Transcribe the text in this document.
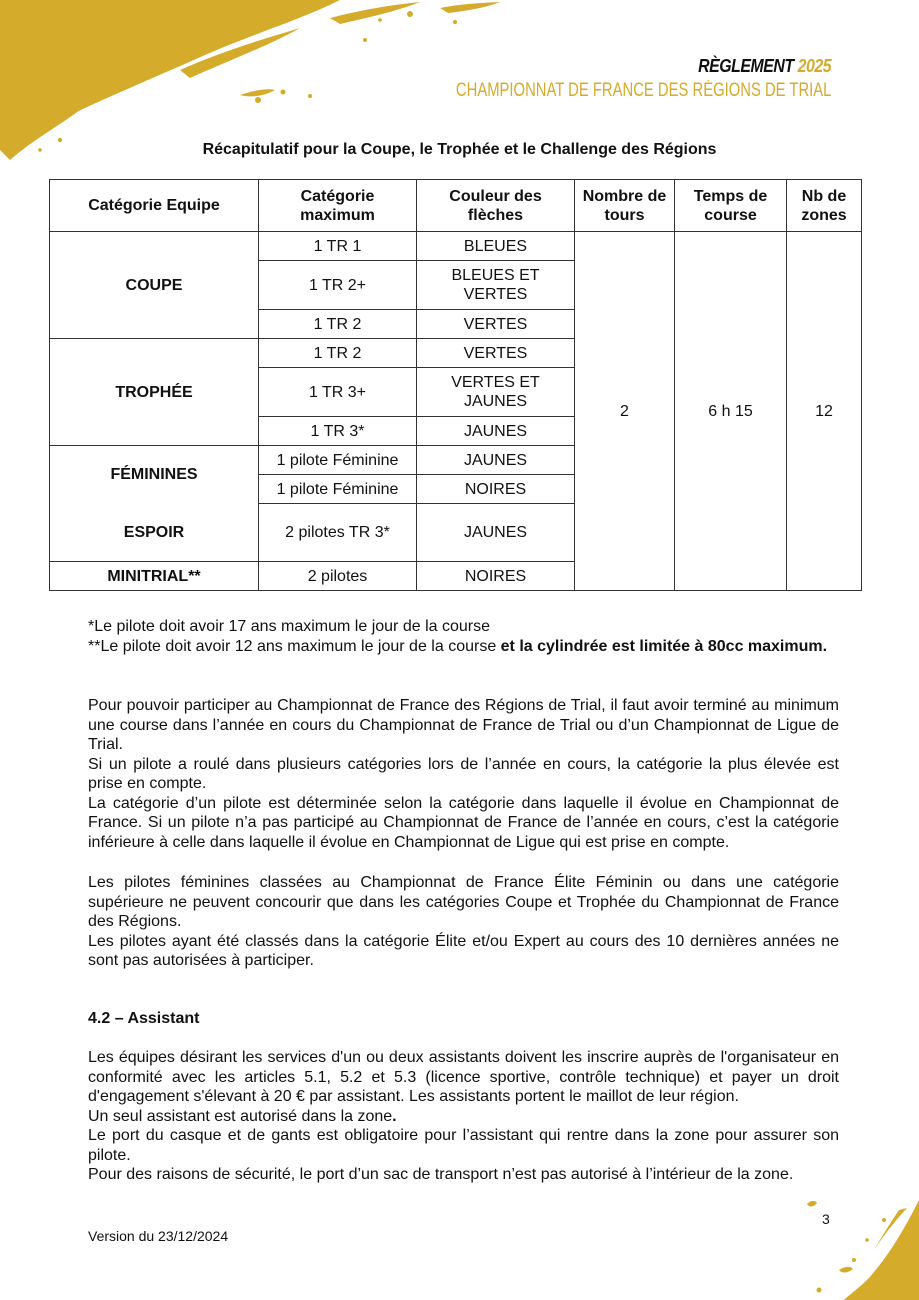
RÈGLEMENT 2025
CHAMPIONNAT DE FRANCE DES RÉGIONS DE TRIAL
Récapitulatif pour la Coupe, le Trophée et le Challenge des Régions
Catégorie Equipe	Catégorie maximum	Couleur des flèches	Nombre de tours	Temps de course	Nb de zones
COUPE	1 TR 1	BLEUES	2	6 h 15	12
	1 TR 2+	BLEUES ET VERTES			
	1 TR 2	VERTES			
TROPHÉE	1 TR 2	VERTES			
	1 TR 3+	VERTES ET JAUNES			
	1 TR 3*	JAUNES			
FÉMININES	1 pilote Féminine	JAUNES			
	1 pilote Féminine	NOIRES			
ESPOIR	2 pilotes TR 3*	JAUNES			
MINITRIAL**	2 pilotes	NOIRES			
*Le pilote doit avoir 17 ans maximum le jour de la course
**Le pilote doit avoir 12 ans maximum le jour de la course et la cylindrée est limitée à 80cc maximum.

Pour pouvoir participer au Championnat de France des Régions de Trial, il faut avoir terminé au minimum une course dans l’année en cours du Championnat de France de Trial ou d’un Championnat de Ligue de Trial.

Si un pilote a roulé dans plusieurs catégories lors de l’année en cours, la catégorie la plus élevée est prise en compte.

La catégorie d’un pilote est déterminée selon la catégorie dans laquelle il évolue en Championnat de France. Si un pilote n’a pas participé au Championnat de France de l’année en cours, c’est la catégorie inférieure à celle dans laquelle il évolue en Championnat de Ligue qui est prise en compte.

Les pilotes féminines classées au Championnat de France Élite Féminin ou dans une catégorie supérieure ne peuvent concourir que dans les catégories Coupe et Trophée du Championnat de France des Régions.

Les pilotes ayant été classés dans la catégorie Élite et/ou Expert au cours des 10 dernières années ne sont pas autorisées à participer.

4.2 – Assistant

Les équipes désirant les services d'un ou deux assistants doivent les inscrire auprès de l'organisateur en conformité avec les articles 5.1, 5.2 et 5.3 (licence sportive, contrôle technique) et payer un droit d'engagement s'élevant à 20 € par assistant. Les assistants portent le maillot de leur région.

Un seul assistant est autorisé dans la zone.

Le port du casque et de gants est obligatoire pour l’assistant qui rentre dans la zone pour assurer son pilote.

Pour des raisons de sécurité, le port d’un sac de transport n’est pas autorisé à l’intérieur de la zone.

Version du 23/12/2024
3
